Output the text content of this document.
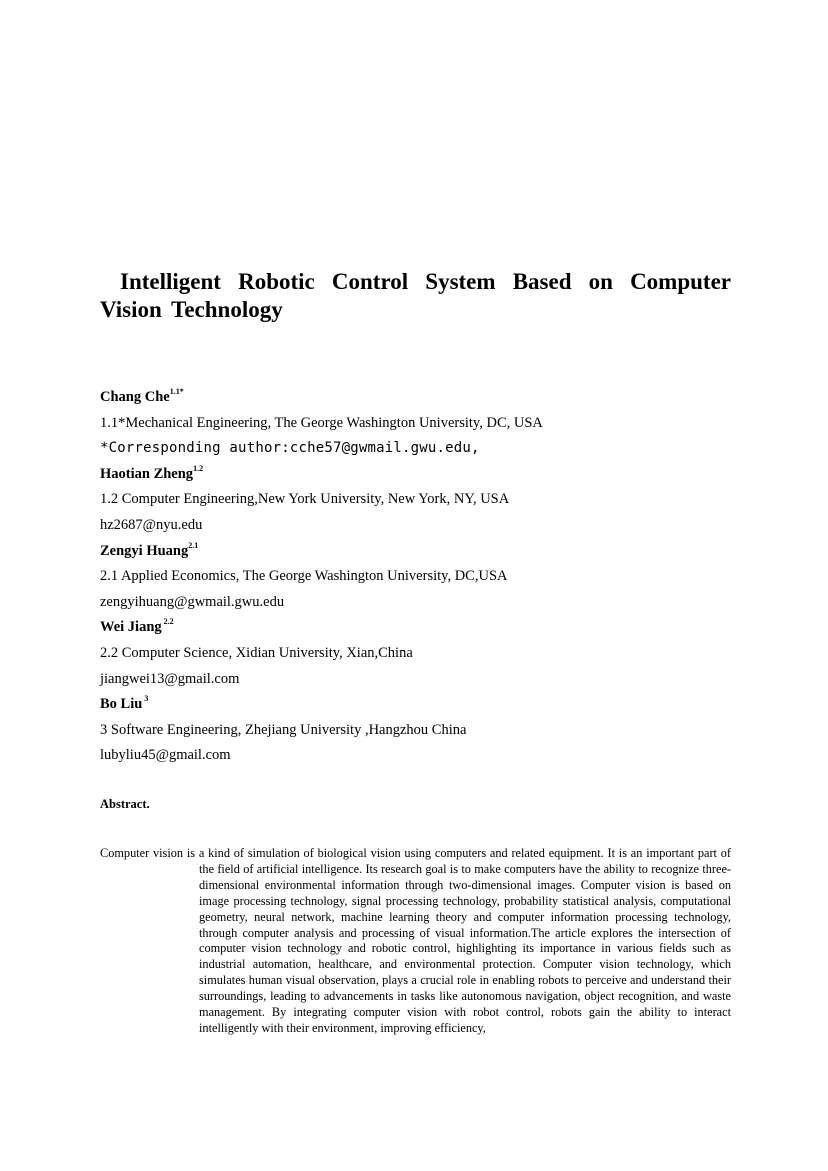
Intelligent Robotic Control System Based on Computer Vision Technology
Chang Che$^{1.1*}$
1.1*Mechanical Engineering, The George Washington University, DC, USA
*Corresponding author:cche57@gwmail.gwu.edu,
Haotian Zheng$^{1.2}$
1.2 Computer Engineering,New York University, New York, NY, USA
hz2687@nyu.edu
Zengyi Huang$^{2.1}$
2.1 Applied Economics, The George Washington University, DC,USA
zengyihuang@gwmail.gwu.edu
Wei Jiang $^{2.2}$
2.2 Computer Science, Xidian University, Xian,China
jiangwei13@gmail.com
Bo Liu $^3$
3 Software Engineering, Zhejiang University ,Hangzhou China
lubyliu45@gmail.com
Abstract.

Computer vision is a kind of simulation of biological vision using computers and related equipment. It is an important part of the field of artificial intelligence. Its research goal is to make computers have the ability to recognize three-dimensional environmental information through two-dimensional images. Computer vision is based on image processing technology, signal processing technology, probability statistical analysis, computational geometry, neural network, machine learning theory and computer information processing technology, through computer analysis and processing of visual information.The article explores the intersection of computer vision technology and robotic control, highlighting its importance in various fields such as industrial automation, healthcare, and environmental protection. Computer vision technology, which simulates human visual observation, plays a crucial role in enabling robots to perceive and understand their surroundings, leading to advancements in tasks like autonomous navigation, object recognition, and waste management. By integrating computer vision with robot control, robots gain the ability to interact intelligently with their environment, improving efficiency,
